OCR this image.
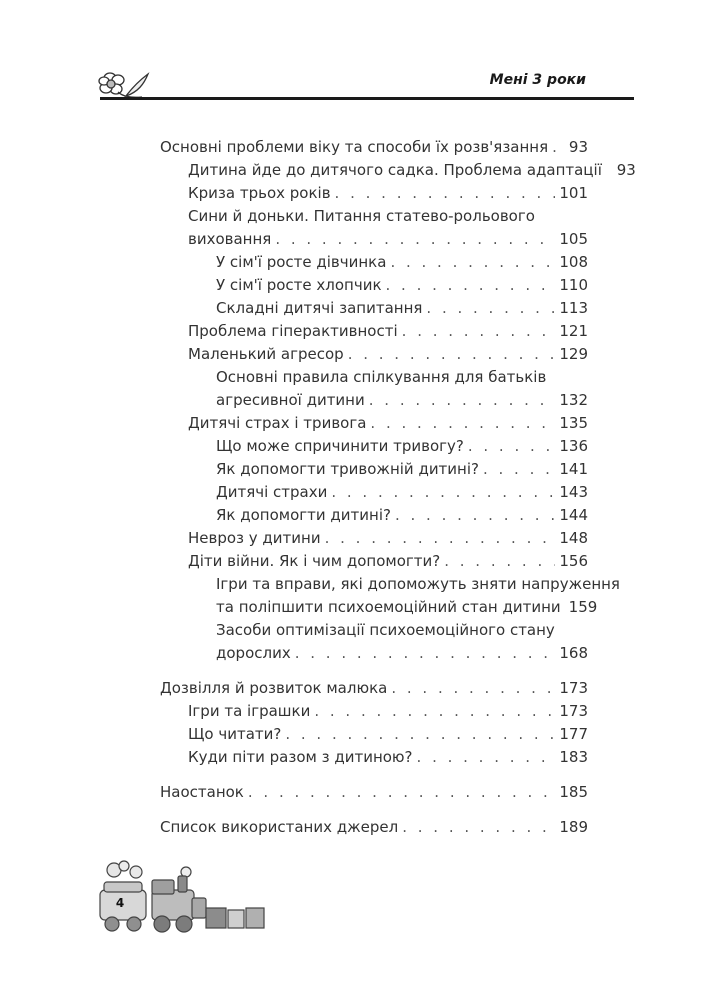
Мені 3 роки
Основні проблеми віку та способи їх розв'язання . . .	93
Дитина йде до дитячого садка. Проблема адаптації 93
Криза трьох років . . .	101
Сини й доньки. Питання статево-рольового
виховання . . .	105
У сім'ї росте дівчинка . . .	108
У сім'ї росте хлопчик . . .	110
Складні дитячі запитання . . .	113
Проблема гіперактивності . . .	121
Маленький агресор . . .	129
Основні правила спілкування для батьків
агресивної дитини . . .	132
Дитячі страх і тривога . . .	135
Що може спричинити тривогу? . . .	136
Як допомогти тривожній дитині? . . .	141
Дитячі страхи . . .	143
Як допомогти дитині? . . .	144
Невроз у дитини . . .	148
Діти війни. Як і чим допомогти? . . .	156
Ігри та вправи, які допоможуть зняти напруження
та поліпшити психоемоційний стан дитини 159
Засоби оптимізації психоемоційного стану
дорослих . . .	168
Дозвілля й розвиток малюка . . .	173
Ігри та іграшки . . .	173
Що читати? . . .	177
Куди піти разом з дитиною? . . .	183
Наостанок . . .	185
Список використаних джерел . . .	189
4
